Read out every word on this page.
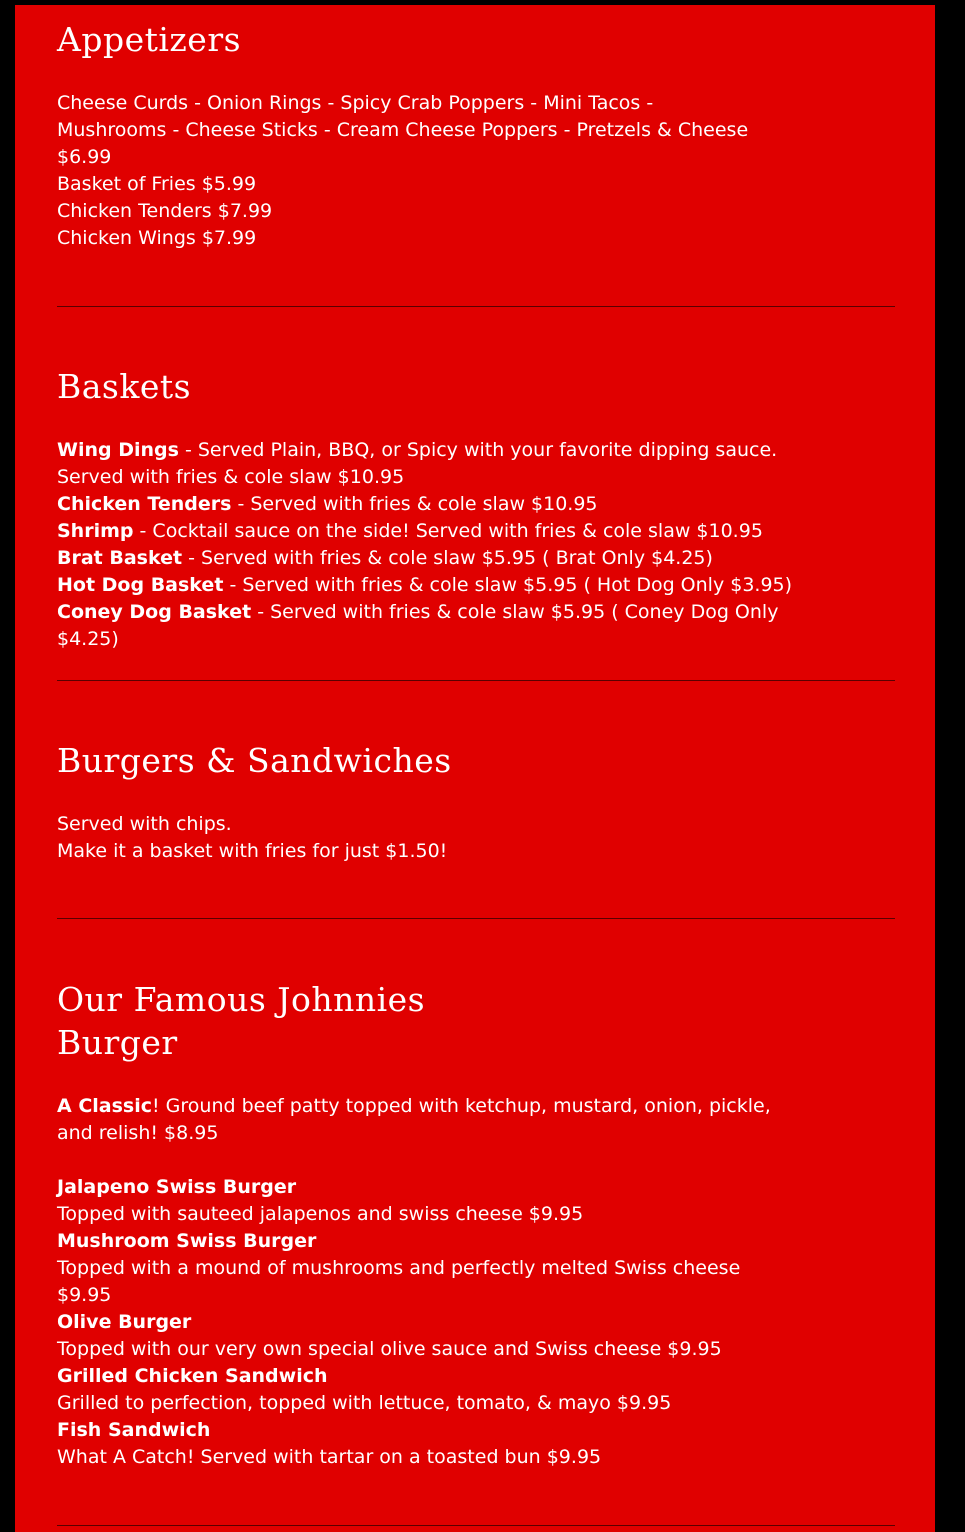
Appetizers
Cheese Curds - Onion Rings - Spicy Crab Poppers - Mini Tacos -
Mushrooms - Cheese Sticks - Cream Cheese Poppers - Pretzels & Cheese
$6.99
Basket of Fries $5.99
Chicken Tenders $7.99
Chicken Wings $7.99
Baskets
Wing Dings - Served Plain, BBQ, or Spicy with your favorite dipping sauce.
Served with fries & cole slaw $10.95
Chicken Tenders - Served with fries & cole slaw $10.95
Shrimp - Cocktail sauce on the side! Served with fries & cole slaw $10.95
Brat Basket - Served with fries & cole slaw $5.95 ( Brat Only $4.25)
Hot Dog Basket - Served with fries & cole slaw $5.95 ( Hot Dog Only $3.95)
Coney Dog Basket - Served with fries & cole slaw $5.95 ( Coney Dog Only
$4.25)
Burgers & Sandwiches
Served with chips.
Make it a basket with fries for just $1.50!
Our Famous Johnnies
Burger
A Classic! Ground beef patty topped with ketchup, mustard, onion, pickle,
and relish! $8.95
Jalapeno Swiss Burger
Topped with sauteed jalapenos and swiss cheese $9.95
Mushroom Swiss Burger
Topped with a mound of mushrooms and perfectly melted Swiss cheese
$9.95
Olive Burger
Topped with our very own special olive sauce and Swiss cheese $9.95
Grilled Chicken Sandwich
Grilled to perfection, topped with lettuce, tomato, & mayo $9.95
Fish Sandwich
What A Catch! Served with tartar on a toasted bun $9.95
